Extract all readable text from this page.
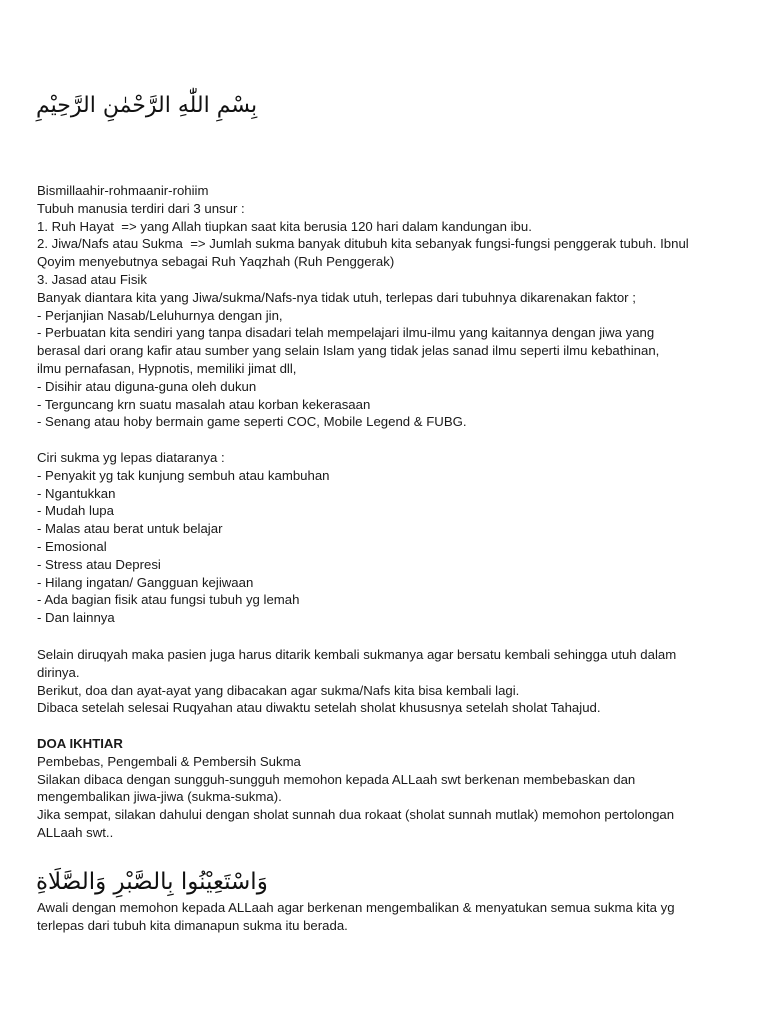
بِسْمِ اللّٰهِ الرَّحْمٰنِ الرَّحِيْمِ
Bismillaahir-rohmaanir-rohiim
Tubuh manusia terdiri dari 3 unsur :
1. Ruh Hayat  => yang Allah tiupkan saat kita berusia 120 hari dalam kandungan ibu.
2. Jiwa/Nafs atau Sukma  => Jumlah sukma banyak ditubuh kita sebanyak fungsi-fungsi penggerak tubuh. Ibnul
Qoyim menyebutnya sebagai Ruh Yaqzhah (Ruh Penggerak)
3. Jasad atau Fisik
Banyak diantara kita yang Jiwa/sukma/Nafs-nya tidak utuh, terlepas dari tubuhnya dikarenakan faktor ;
- Perjanjian Nasab/Leluhurnya dengan jin,
- Perbuatan kita sendiri yang tanpa disadari telah mempelajari ilmu-ilmu yang kaitannya dengan jiwa yang
berasal dari orang kafir atau sumber yang selain Islam yang tidak jelas sanad ilmu seperti ilmu kebathinan,
ilmu pernafasan, Hypnotis, memiliki jimat dll,
- Disihir atau diguna-guna oleh dukun
- Terguncang krn suatu masalah atau korban kekerasaan
- Senang atau hoby bermain game seperti COC, Mobile Legend & FUBG.
Ciri sukma yg lepas diataranya :
- Penyakit yg tak kunjung sembuh atau kambuhan
- Ngantukkan
- Mudah lupa
- Malas atau berat untuk belajar
- Emosional
- Stress atau Depresi
- Hilang ingatan/ Gangguan kejiwaan
- Ada bagian fisik atau fungsi tubuh yg lemah
- Dan lainnya
Selain diruqyah maka pasien juga harus ditarik kembali sukmanya agar bersatu kembali sehingga utuh dalam
dirinya.
Berikut, doa dan ayat-ayat yang dibacakan agar sukma/Nafs kita bisa kembali lagi.
Dibaca setelah selesai Ruqyahan atau diwaktu setelah sholat khususnya setelah sholat Tahajud.
DOA IKHTIAR
Pembebas, Pengembali & Pembersih Sukma
Silakan dibaca dengan sungguh-sungguh memohon kepada ALLaah swt berkenan membebaskan dan
mengembalikan jiwa-jiwa (sukma-sukma).
Jika sempat, silakan dahului dengan sholat sunnah dua rokaat (sholat sunnah mutlak) memohon pertolongan
ALLaah swt..
وَاسْتَعِيْنُوا بِالصَّبْرِ وَالصَّلَاةِ
Awali dengan memohon kepada ALLaah agar berkenan mengembalikan & menyatukan semua sukma kita yg
terlepas dari tubuh kita dimanapun sukma itu berada.
